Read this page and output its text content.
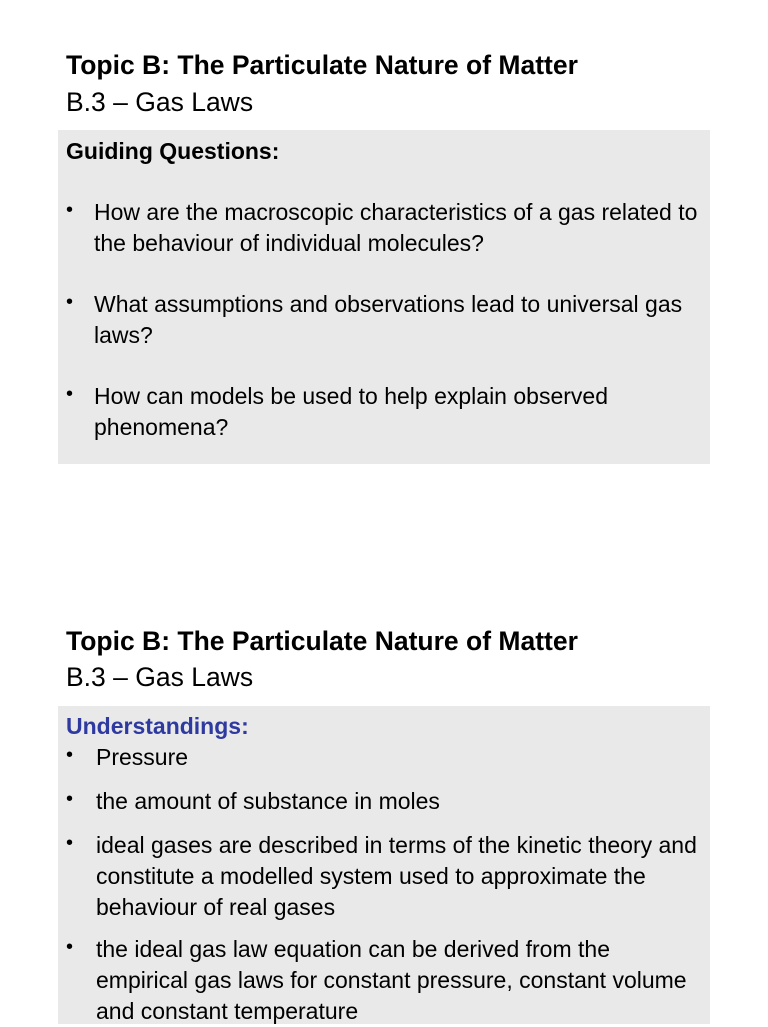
Topic B: The Particulate Nature of Matter
B.3 – Gas Laws
Guiding Questions:
• How are the macroscopic characteristics of a gas related to the behaviour of individual molecules?
• What assumptions and observations lead to universal gas laws?
• How can models be used to help explain observed phenomena?
Topic B: The Particulate Nature of Matter
B.3 – Gas Laws
Understandings:
• Pressure
• the amount of substance in moles
• ideal gases are described in terms of the kinetic theory and constitute a modelled system used to approximate the behaviour of real gases
• the ideal gas law equation can be derived from the empirical gas laws for constant pressure, constant volume and constant temperature
